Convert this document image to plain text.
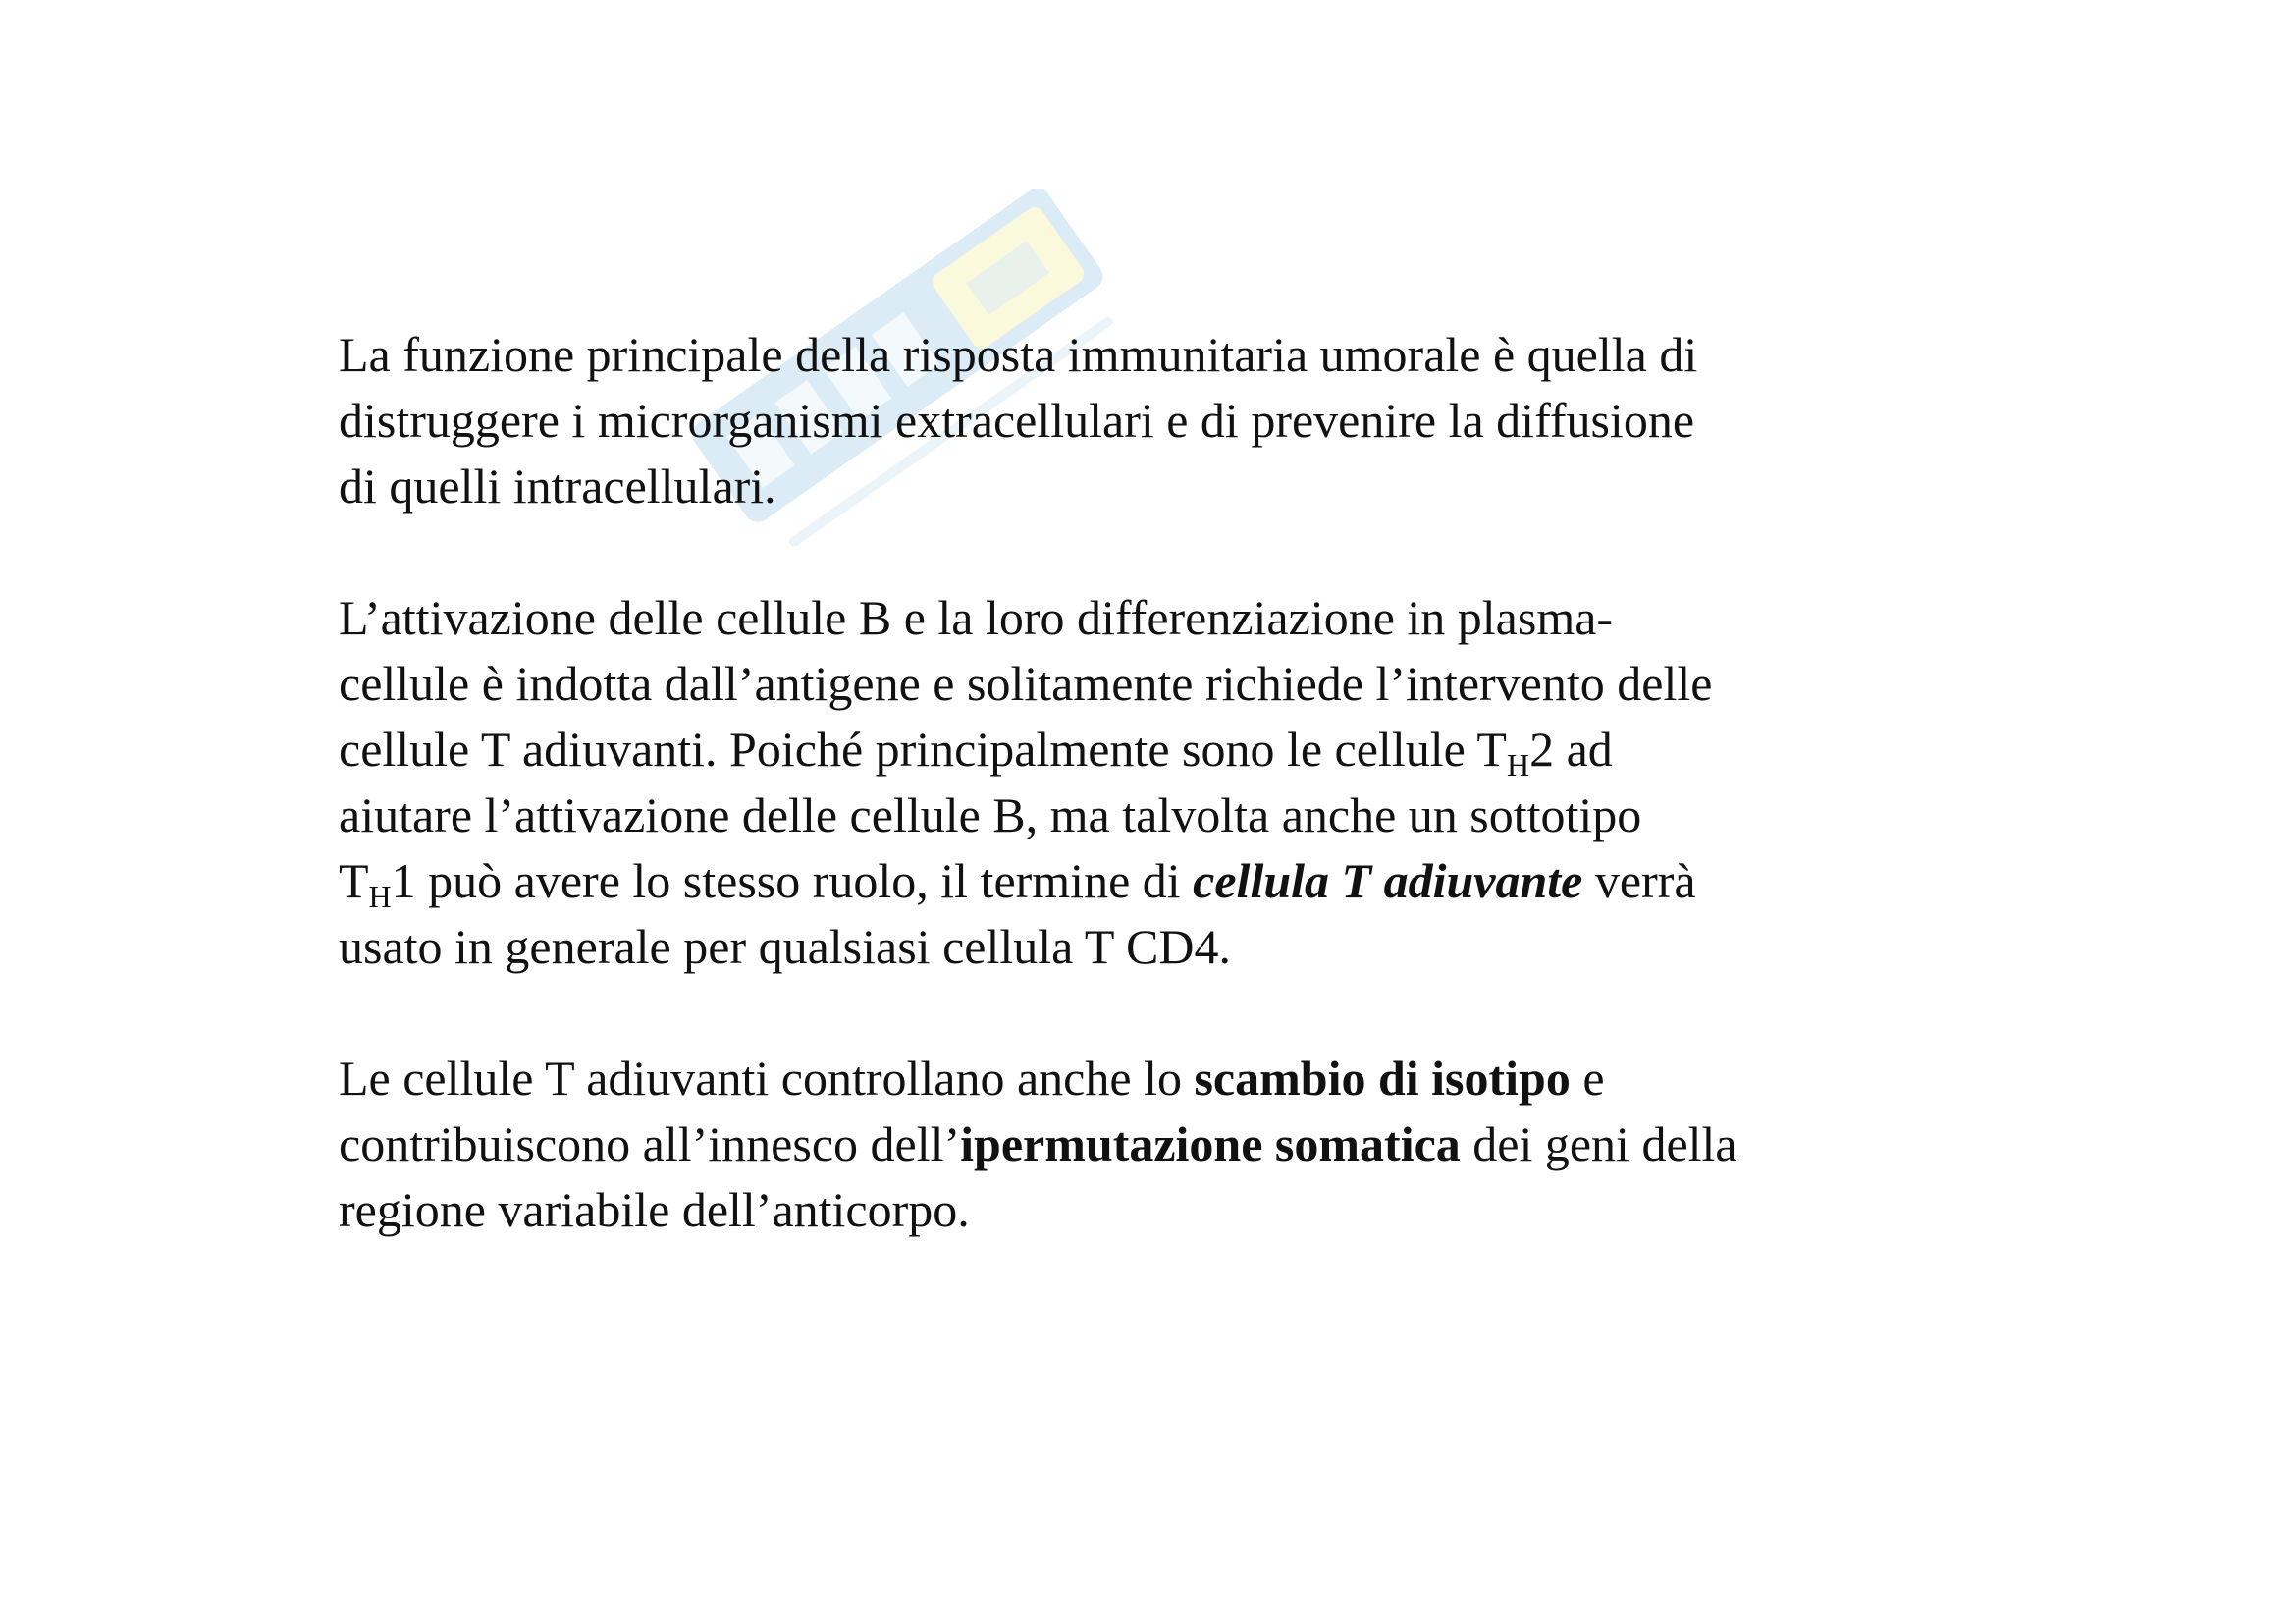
La funzione principale della risposta immunitaria umorale è quella di
distruggere i microrganismi extracellulari e di prevenire la diffusione
di quelli intracellulari.

L’attivazione delle cellule B e la loro differenziazione in plasma-
cellule è indotta dall’antigene e solitamente richiede l’intervento delle
cellule T adiuvanti. Poiché principalmente sono le cellule $T_H2$ ad
aiutare l’attivazione delle cellule B, ma talvolta anche un sottotipo
$T_H1$ può avere lo stesso ruolo, il termine di cellula T adiuvante verrà
usato in generale per qualsiasi cellula T CD4.

Le cellule T adiuvanti controllano anche lo scambio di isotipo e
contribuiscono all’innesco dell’ipermutazione somatica dei geni della
regione variabile dell’anticorpo.
